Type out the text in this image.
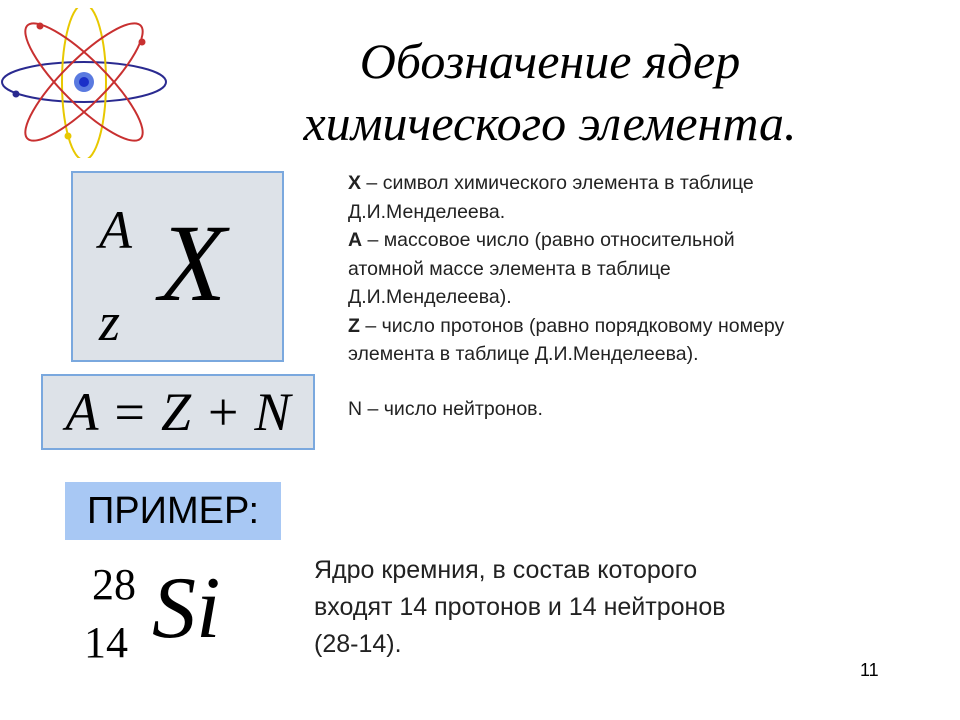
Обозначение ядер
химического элемента.
A
z X
A = Z + N
X – символ химического элемента в таблице
Д.И.Менделеева.
А – массовое число (равно относительной
атомной массе элемента в таблице
Д.И.Менделеева).
Z – число протонов (равно порядковому номеру
элемента в таблице Д.И.Менделеева).
N – число нейтронов.
ПРИМЕР:
28
14 Si	Ядро кремния, в состав которого
входят 14 протонов и 14 нейтронов
(28-14).
11
